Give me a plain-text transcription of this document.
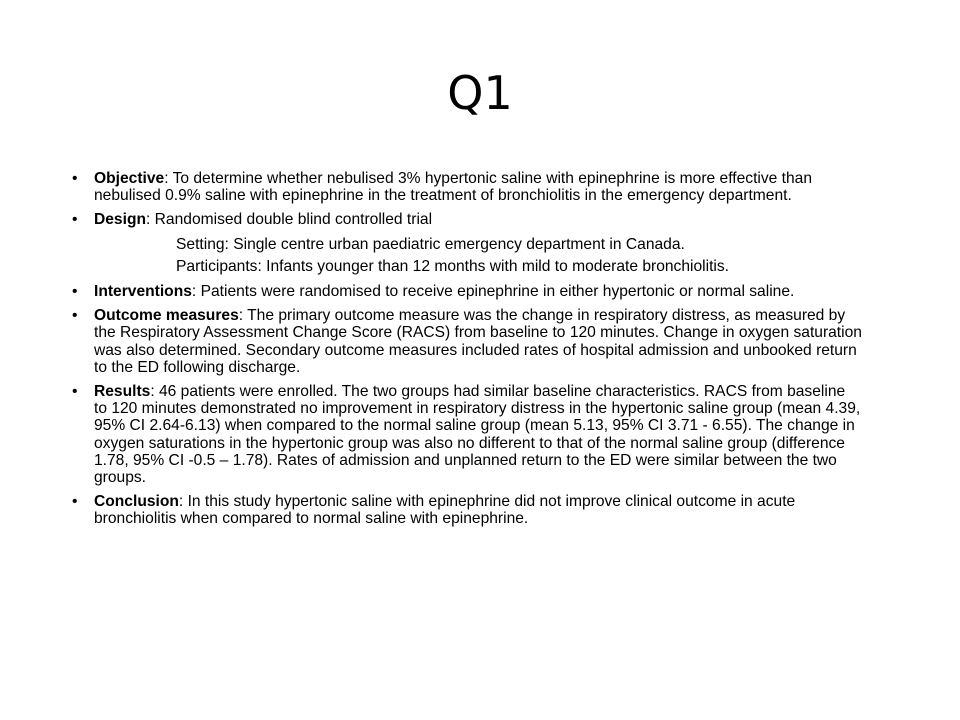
Q1
•	Objective: To determine whether nebulised 3% hypertonic saline with epinephrine is more effective than nebulised 0.9% saline with epinephrine in the treatment of bronchiolitis in the emergency department.
•	Design: Randomised double blind controlled trial
Setting: Single centre urban paediatric emergency department in Canada.
Participants: Infants younger than 12 months with mild to moderate bronchiolitis.
•	Interventions: Patients were randomised to receive epinephrine in either hypertonic or normal saline.
•	Outcome measures: The primary outcome measure was the change in respiratory distress, as measured by the Respiratory Assessment Change Score (RACS) from baseline to 120 minutes. Change in oxygen saturation was also determined. Secondary outcome measures included rates of hospital admission and unbooked return to the ED following discharge.
•	Results: 46 patients were enrolled. The two groups had similar baseline characteristics. RACS from baseline to 120 minutes demonstrated no improvement in respiratory distress in the hypertonic saline group (mean 4.39, 95% CI 2.64-6.13) when compared to the normal saline group (mean 5.13, 95% CI 3.71 - 6.55). The change in oxygen saturations in the hypertonic group was also no different to that of the normal saline group (difference 1.78, 95% CI -0.5 – 1.78). Rates of admission and unplanned return to the ED were similar between the two groups.
•	Conclusion: In this study hypertonic saline with epinephrine did not improve clinical outcome in acute bronchiolitis when compared to normal saline with epinephrine.
